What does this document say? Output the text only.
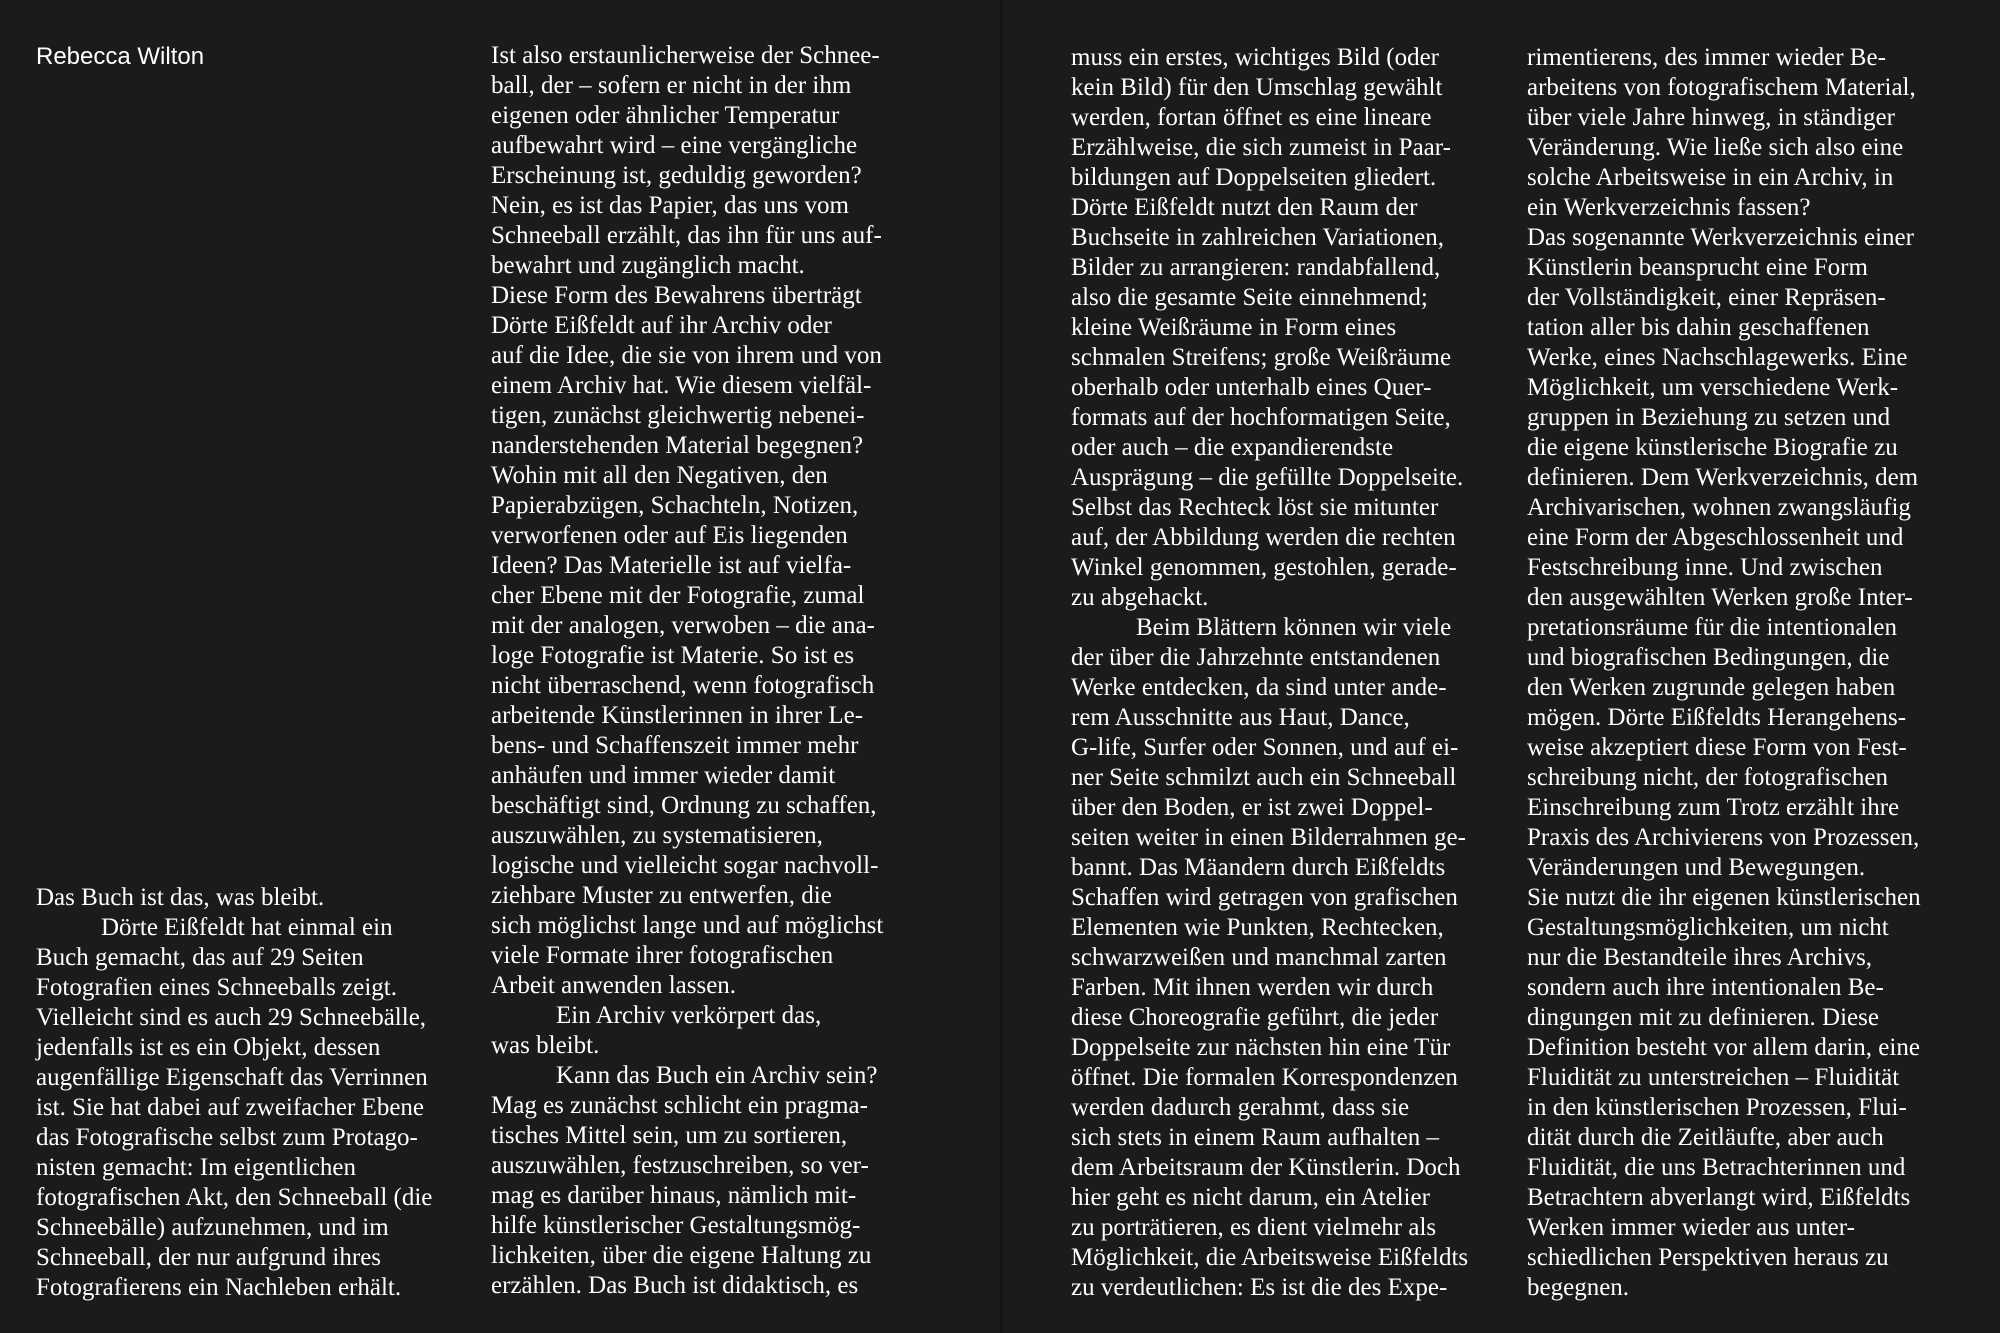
Rebecca Wilton
Das Buch ist das, was bleibt.
Dörte Eißfeldt hat einmal ein
Buch gemacht, das auf 29 Seiten
Fotografien eines Schneeballs zeigt.
Vielleicht sind es auch 29 Schneebälle,
jedenfalls ist es ein Objekt, dessen
augenfällige Eigenschaft das Verrinnen
ist. Sie hat dabei auf zweifacher Ebene
das Fotografische selbst zum Protago-
nisten gemacht: Im eigentlichen
fotografischen Akt, den Schneeball (die
Schneebälle) aufzunehmen, und im
Schneeball, der nur aufgrund ihres
Fotografierens ein Nachleben erhält.
Ist also erstaunlicherweise der Schnee-
ball, der – sofern er nicht in der ihm
eigenen oder ähnlicher Temperatur
aufbewahrt wird – eine vergängliche
Erscheinung ist, geduldig geworden?
Nein, es ist das Papier, das uns vom
Schneeball erzählt, das ihn für uns auf-
bewahrt und zugänglich macht.
Diese Form des Bewahrens überträgt
Dörte Eißfeldt auf ihr Archiv oder
auf die Idee, die sie von ihrem und von
einem Archiv hat. Wie diesem vielfäl-
tigen, zunächst gleichwertig nebenei-
nanderstehenden Material begegnen?
Wohin mit all den Negativen, den
Papierabzügen, Schachteln, Notizen,
verworfenen oder auf Eis liegenden
Ideen? Das Materielle ist auf vielfa-
cher Ebene mit der Fotografie, zumal
mit der analogen, verwoben – die ana-
loge Fotografie ist Materie. So ist es
nicht überraschend, wenn fotografisch
arbeitende Künstlerinnen in ihrer Le-
bens- und Schaffenszeit immer mehr
anhäufen und immer wieder damit
beschäftigt sind, Ordnung zu schaffen,
auszuwählen, zu systematisieren,
logische und vielleicht sogar nachvoll-
ziehbare Muster zu entwerfen, die
sich möglichst lange und auf möglichst
viele Formate ihrer fotografischen
Arbeit anwenden lassen.
Ein Archiv verkörpert das,
was bleibt.
Kann das Buch ein Archiv sein?
Mag es zunächst schlicht ein pragma-
tisches Mittel sein, um zu sortieren,
auszuwählen, festzuschreiben, so ver-
mag es darüber hinaus, nämlich mit-
hilfe künstlerischer Gestaltungsmög-
lichkeiten, über die eigene Haltung zu
erzählen. Das Buch ist didaktisch, es
muss ein erstes, wichtiges Bild (oder
kein Bild) für den Umschlag gewählt
werden, fortan öffnet es eine lineare
Erzählweise, die sich zumeist in Paar-
bildungen auf Doppelseiten gliedert.
Dörte Eißfeldt nutzt den Raum der
Buchseite in zahlreichen Variationen,
Bilder zu arrangieren: randabfallend,
also die gesamte Seite einnehmend;
kleine Weißräume in Form eines
schmalen Streifens; große Weißräume
oberhalb oder unterhalb eines Quer-
formats auf der hochformatigen Seite,
oder auch – die expandierendste
Ausprägung – die gefüllte Doppelseite.
Selbst das Rechteck löst sie mitunter
auf, der Abbildung werden die rechten
Winkel genommen, gestohlen, gerade-
zu abgehackt.
Beim Blättern können wir viele
der über die Jahrzehnte entstandenen
Werke entdecken, da sind unter ande-
rem Ausschnitte aus Haut, Dance,
G-life, Surfer oder Sonnen, und auf ei-
ner Seite schmilzt auch ein Schneeball
über den Boden, er ist zwei Doppel-
seiten weiter in einen Bilderrahmen ge-
bannt. Das Mäandern durch Eißfeldts
Schaffen wird getragen von grafischen
Elementen wie Punkten, Rechtecken,
schwarzweißen und manchmal zarten
Farben. Mit ihnen werden wir durch
diese Choreografie geführt, die jeder
Doppelseite zur nächsten hin eine Tür
öffnet. Die formalen Korrespondenzen
werden dadurch gerahmt, dass sie
sich stets in einem Raum aufhalten –
dem Arbeitsraum der Künstlerin. Doch
hier geht es nicht darum, ein Atelier
zu porträtieren, es dient vielmehr als
Möglichkeit, die Arbeitsweise Eißfeldts
zu verdeutlichen: Es ist die des Expe-
rimentierens, des immer wieder Be-
arbeitens von fotografischem Material,
über viele Jahre hinweg, in ständiger
Veränderung. Wie ließe sich also eine
solche Arbeitsweise in ein Archiv, in
ein Werkverzeichnis fassen?
Das sogenannte Werkverzeichnis einer
Künstlerin beansprucht eine Form
der Vollständigkeit, einer Repräsen-
tation aller bis dahin geschaffenen
Werke, eines Nachschlagewerks. Eine
Möglichkeit, um verschiedene Werk-
gruppen in Beziehung zu setzen und
die eigene künstlerische Biografie zu
definieren. Dem Werkverzeichnis, dem
Archivarischen, wohnen zwangsläufig
eine Form der Abgeschlossenheit und
Festschreibung inne. Und zwischen
den ausgewählten Werken große Inter-
pretationsräume für die intentionalen
und biografischen Bedingungen, die
den Werken zugrunde gelegen haben
mögen. Dörte Eißfeldts Herangehens-
weise akzeptiert diese Form von Fest-
schreibung nicht, der fotografischen
Einschreibung zum Trotz erzählt ihre
Praxis des Archivierens von Prozessen,
Veränderungen und Bewegungen.
Sie nutzt die ihr eigenen künstlerischen
Gestaltungsmöglichkeiten, um nicht
nur die Bestandteile ihres Archivs,
sondern auch ihre intentionalen Be-
dingungen mit zu definieren. Diese
Definition besteht vor allem darin, eine
Fluidität zu unterstreichen – Fluidität
in den künstlerischen Prozessen, Flui-
dität durch die Zeitläufte, aber auch
Fluidität, die uns Betrachterinnen und
Betrachtern abverlangt wird, Eißfeldts
Werken immer wieder aus unter-
schiedlichen Perspektiven heraus zu
begegnen.
